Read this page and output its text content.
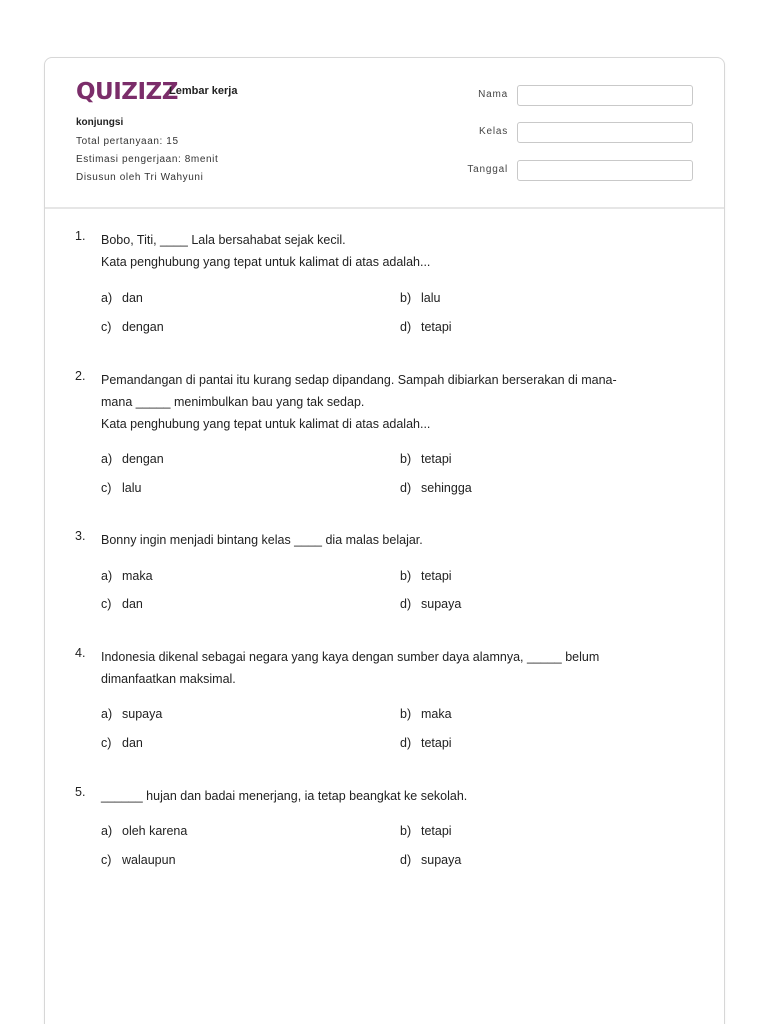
QUIZIZZ
Lembar kerja
konjungsi
Total pertanyaan: 15
Estimasi pengerjaan: 8menit
Disusun oleh Tri Wahyuni
Nama
Kelas
Tanggal
1. Bobo, Titi, ____ Lala bersahabat sejak kecil.
Kata penghubung yang tepat untuk kalimat di atas adalah...
a) dan	b) lalu
c) dengan	d) tetapi
2. Pemandangan di pantai itu kurang sedap dipandang. Sampah dibiarkan berserakan di mana-
mana _____ menimbulkan bau yang tak sedap.
Kata penghubung yang tepat untuk kalimat di atas adalah...
a) dengan	b) tetapi
c) lalu	d) sehingga
3. Bonny ingin menjadi bintang kelas ____ dia malas belajar.
a) maka	b) tetapi
c) dan	d) supaya
4. Indonesia dikenal sebagai negara yang kaya dengan sumber daya alamnya, _____ belum
dimanfaatkan maksimal.
a) supaya	b) maka
c) dan	d) tetapi
5. ______ hujan dan badai menerjang, ia tetap beangkat ke sekolah.
a) oleh karena	b) tetapi
c) walaupun	d) supaya
